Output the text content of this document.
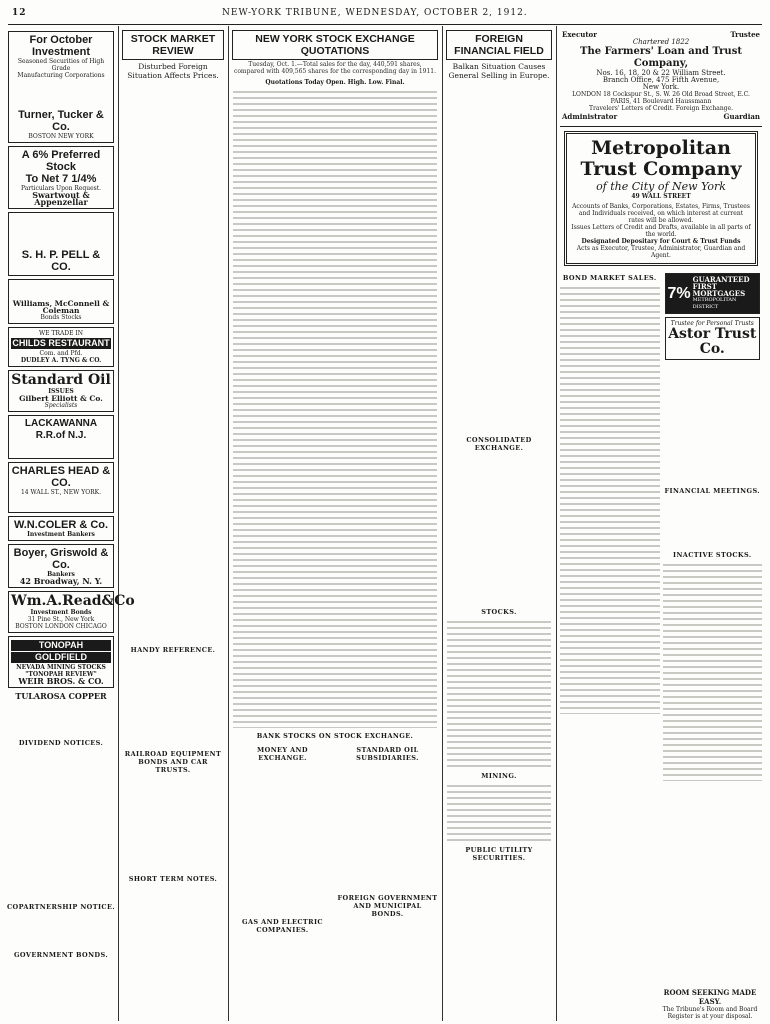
12	NEW-YORK TRIBUNE, WEDNESDAY, OCTOBER 2, 1912.
For October Investment
Seasoned Securities of High Grade
Manufacturing Corporations
Turner, Tucker & Co.
BOSTON NEW YORK
A 6% Preferred Stock
To Net 7 1/4%
Particulars Upon Request.
Swartwout & Appenzellar
S. H. P. PELL & CO.
Williams, McConnell & Coleman
Bonds Stocks
WE TRADE IN
CHILDS RESTAURANT
Com. and Pfd.
DUDLEY A. TYNG & CO.
Standard Oil
ISSUES
Gilbert Elliott & Co.
Specialists
LACKAWANNA R.R.of N.J.
CHARLES HEAD & CO.
14 WALL ST., NEW YORK.
W.N.COLER & Co.
Investment Bankers
Boyer, Griswold & Co.
Bankers
42 Broadway, N. Y.
Wm.A.Read&Co
Investment Bonds
31 Pine St., New York
BOSTON LONDON CHICAGO
TONOPAH
GOLDFIELD
NEVADA MINING STOCKS
"TONOPAH REVIEW"
WEIR BROS. & CO.
TULAROSA COPPER
DIVIDEND NOTICES.
COPARTNERSHIP NOTICE.
GOVERNMENT BONDS.
STOCK MARKET REVIEW
Disturbed Foreign Situation Affects Prices.
HANDY REFERENCE.
RAILROAD EQUIPMENT BONDS AND CAR TRUSTS.
SHORT TERM NOTES.
NEW YORK STOCK EXCHANGE QUOTATIONS
Tuesday, Oct. 1.—Total sales for the day, 440,591 shares, compared with 409,565 shares for the corresponding day in 1911.
Quotations Today Open. High. Low. Final.
BANK STOCKS ON STOCK EXCHANGE.
MONEY AND EXCHANGE.
GAS AND ELECTRIC COMPANIES.
STANDARD OIL SUBSIDIARIES.
FOREIGN GOVERNMENT AND MUNICIPAL BONDS.
FOREIGN FINANCIAL FIELD
Balkan Situation Causes General Selling in Europe.
CONSOLIDATED EXCHANGE.
STOCKS.
MINING.
PUBLIC UTILITY SECURITIES.
Executor	Trustee
Chartered 1822
The Farmers' Loan and Trust Company,
Nos. 16, 18, 20 & 22 William Street.
Branch Office, 475 Fifth Avenue,
New York.
LONDON 18 Cockspur St., S. W. 26 Old Broad Street, E.C.
PARIS, 41 Boulevard Haussmann
Travelers' Letters of Credit. Foreign Exchange.
Administrator	Guardian
Metropolitan
Trust Company
of the City of New York
49 WALL STREET
Accounts of Banks, Corporations, Estates, Firms, Trustees and Individuals received, on which interest at current rates will be allowed.
Issues Letters of Credit and Drafts, available in all parts of the world.
Designated Depositary for Court & Trust Funds
Acts as Executor, Trustee, Administrator, Guardian and Agent.
BOND MARKET SALES.
7%
GUARANTEED
FIRST
MORTGAGES
METROPOLITAN DISTRICT
Trustee for Personal Trusts
Astor Trust Co.
FINANCIAL MEETINGS.
INACTIVE STOCKS.
ROOM SEEKING MADE EASY.
The Tribune's Room and Board Register is at your disposal.
